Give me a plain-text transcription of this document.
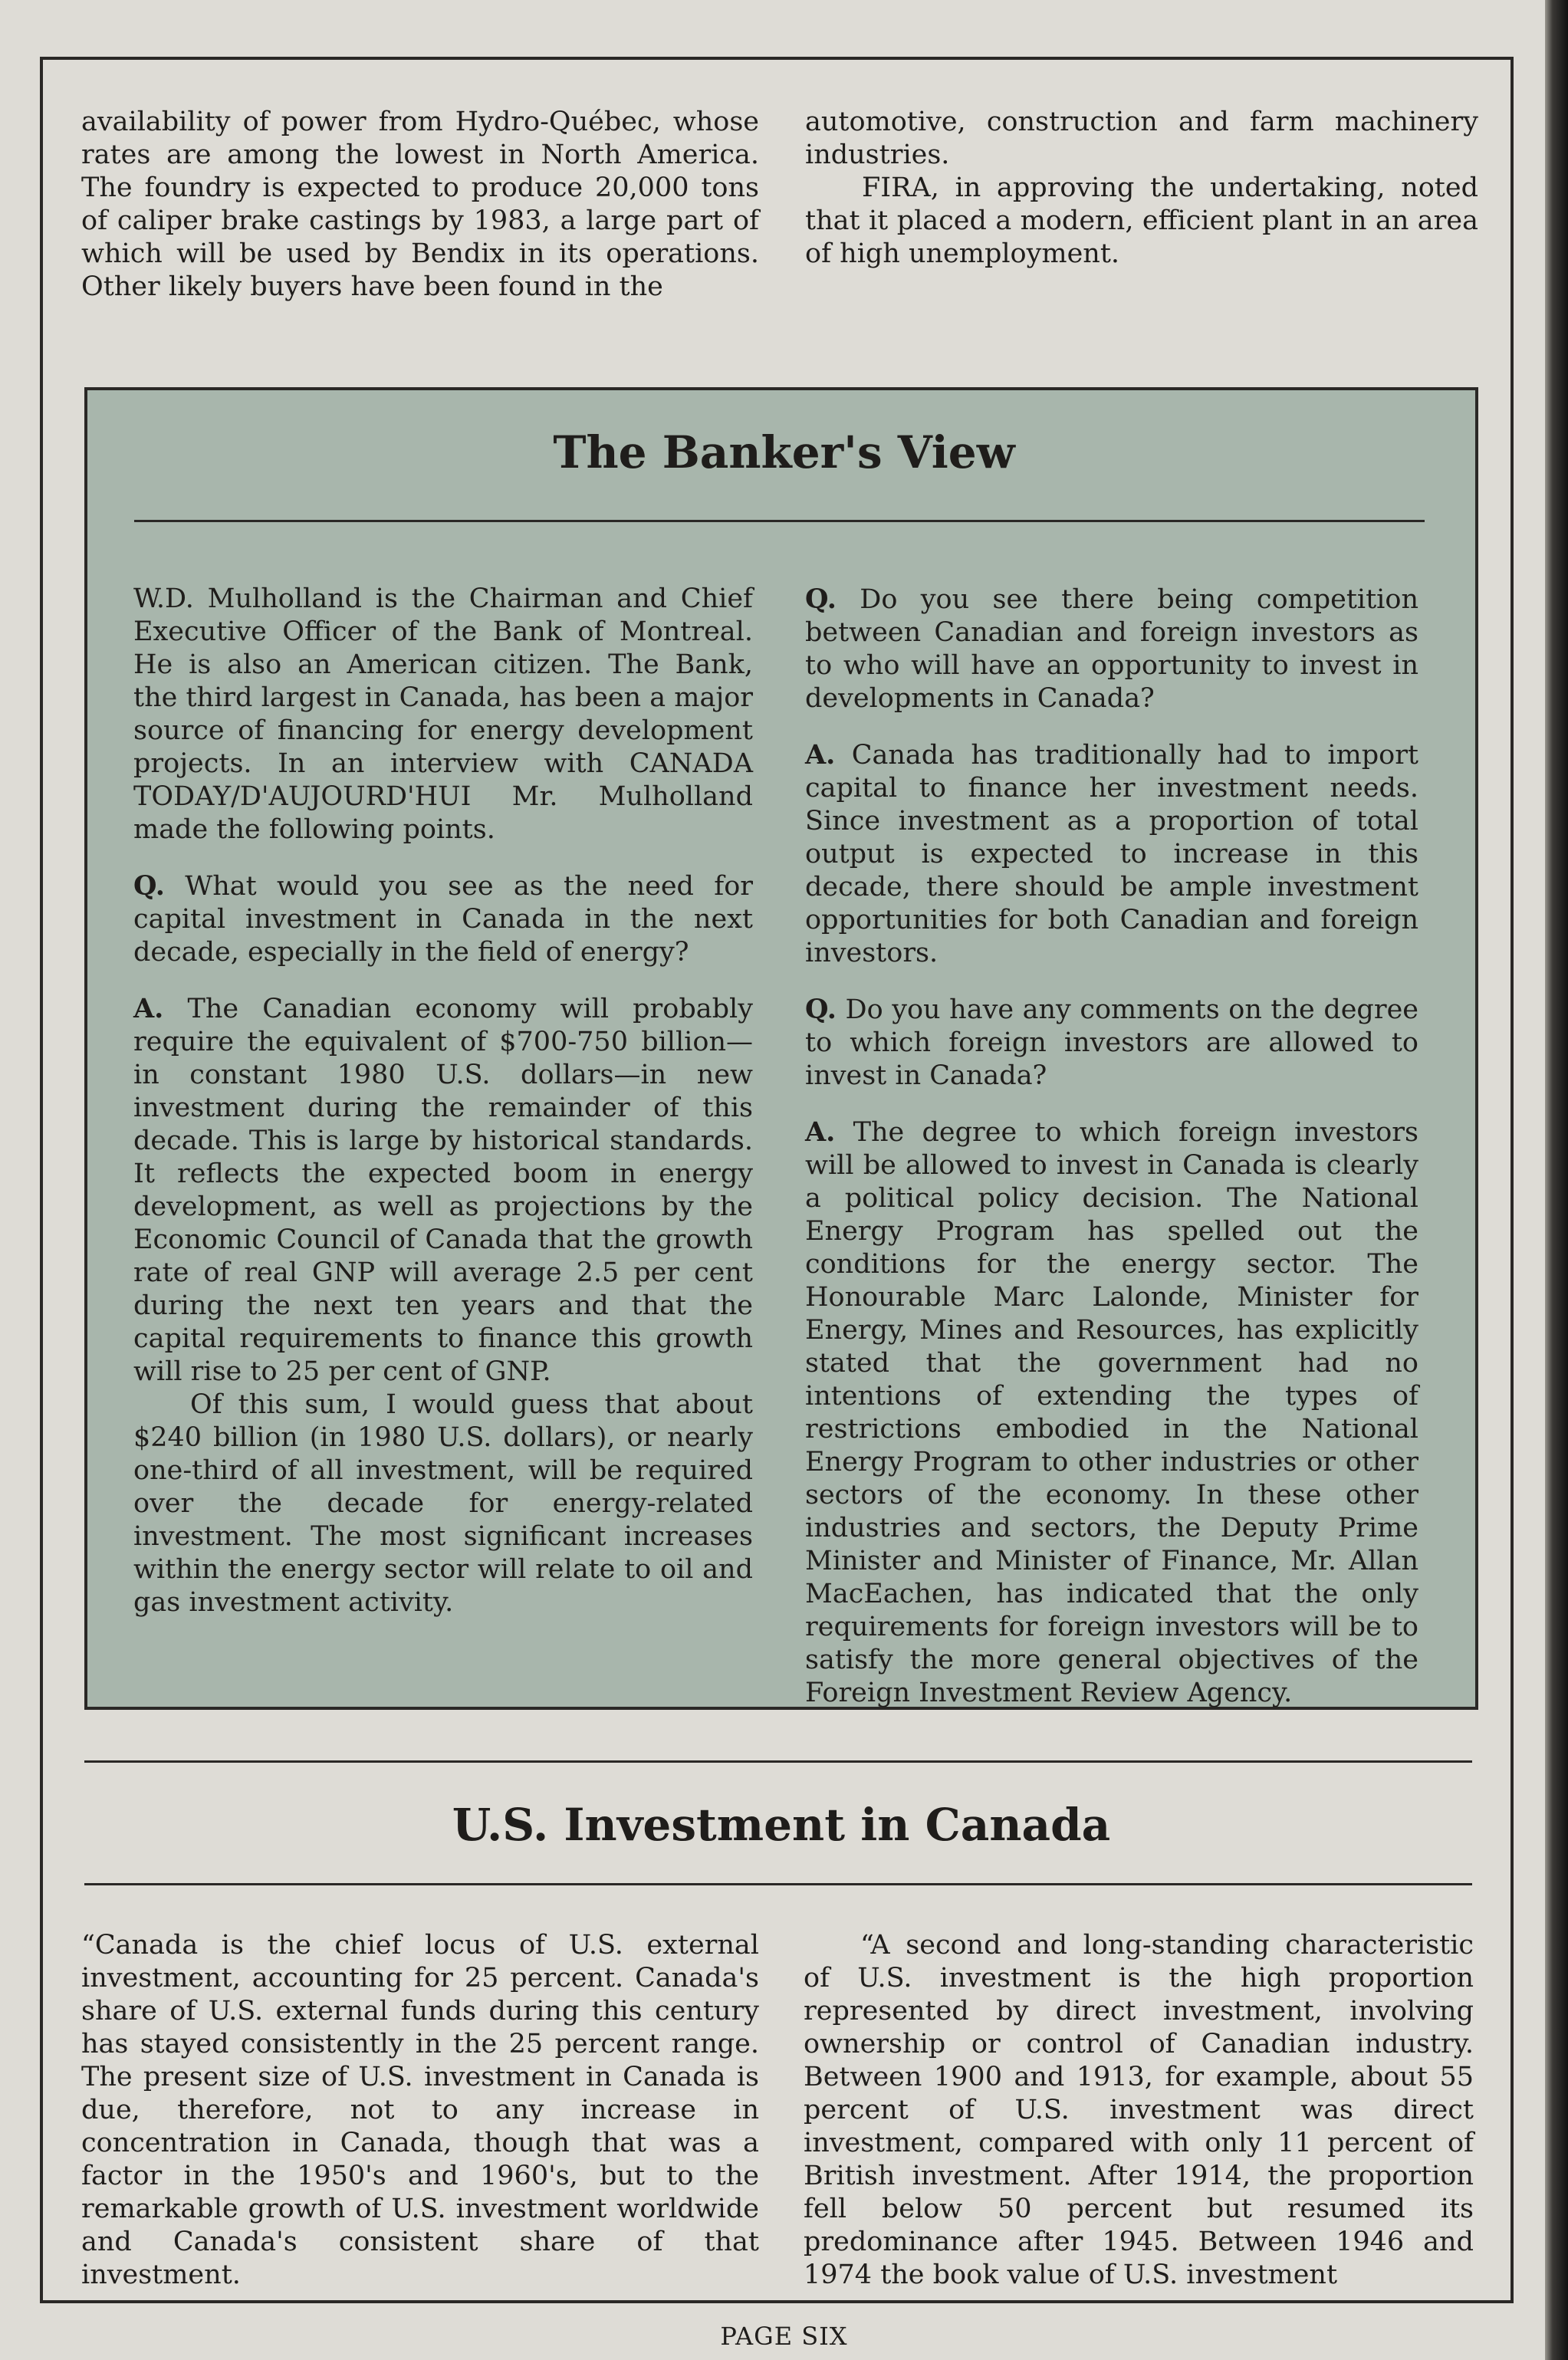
availability of power from Hydro-Québec, whose rates are among the lowest in North America. The foundry is expected to produce 20,000 tons of caliper brake castings by 1983, a large part of which will be used by Bendix in its operations. Other likely buyers have been found in the

automotive, construction and farm machinery industries.

FIRA, in approving the undertaking, noted that it placed a modern, efficient plant in an area of high unemployment.

The Banker's View

W.D. Mulholland is the Chairman and Chief Executive Officer of the Bank of Montreal. He is also an American citizen. The Bank, the third largest in Canada, has been a major source of financing for energy development projects. In an interview with CANADA TODAY/D'AUJOURD'HUI Mr. Mulholland made the following points.

Q. What would you see as the need for capital investment in Canada in the next decade, especially in the field of energy?

A. The Canadian economy will probably require the equivalent of $700-750 billion—in constant 1980 U.S. dollars—in new investment during the remainder of this decade. This is large by historical standards. It reflects the expected boom in energy development, as well as projections by the Economic Council of Canada that the growth rate of real GNP will average 2.5 per cent during the next ten years and that the capital requirements to finance this growth will rise to 25 per cent of GNP.

Of this sum, I would guess that about $240 billion (in 1980 U.S. dollars), or nearly one-third of all investment, will be required over the decade for energy-related investment. The most significant increases within the energy sector will relate to oil and gas investment activity.

Q. Do you see there being competition between Canadian and foreign investors as to who will have an opportunity to invest in developments in Canada?

A. Canada has traditionally had to import capital to finance her investment needs. Since investment as a proportion of total output is expected to increase in this decade, there should be ample investment opportunities for both Canadian and foreign investors.

Q. Do you have any comments on the degree to which foreign investors are allowed to invest in Canada?

A. The degree to which foreign investors will be allowed to invest in Canada is clearly a political policy decision. The National Energy Program has spelled out the conditions for the energy sector. The Honourable Marc Lalonde, Minister for Energy, Mines and Resources, has explicitly stated that the government had no intentions of extending the types of restrictions embodied in the National Energy Program to other industries or other sectors of the economy. In these other industries and sectors, the Deputy Prime Minister and Minister of Finance, Mr. Allan MacEachen, has indicated that the only requirements for foreign investors will be to satisfy the more general objectives of the Foreign Investment Review Agency.

U.S. Investment in Canada

“Canada is the chief locus of U.S. external investment, accounting for 25 percent. Canada's share of U.S. external funds during this century has stayed consistently in the 25 percent range. The present size of U.S. investment in Canada is due, therefore, not to any increase in concentration in Canada, though that was a factor in the 1950's and 1960's, but to the remarkable growth of U.S. investment worldwide and Canada's consistent share of that investment.

“A second and long-standing characteristic of U.S. investment is the high proportion represented by direct investment, involving ownership or control of Canadian industry. Between 1900 and 1913, for example, about 55 percent of U.S. investment was direct investment, compared with only 11 percent of British investment. After 1914, the proportion fell below 50 percent but resumed its predominance after 1945. Between 1946 and 1974 the book value of U.S. investment

PAGE SIX
